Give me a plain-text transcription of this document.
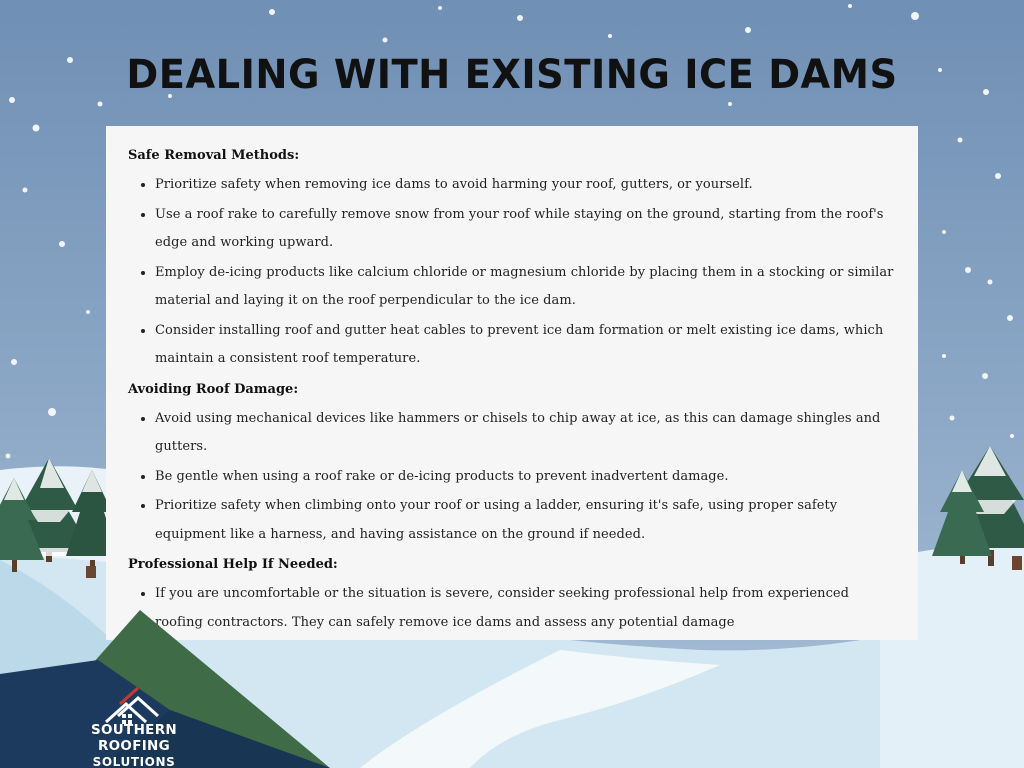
DEALING WITH EXISTING ICE DAMS
Safe Removal Methods:
• Prioritize safety when removing ice dams to avoid harming your roof, gutters, or yourself.
• Use a roof rake to carefully remove snow from your roof while staying on the ground, starting from the roof's edge and working upward.
• Employ de-icing products like calcium chloride or magnesium chloride by placing them in a stocking or similar material and laying it on the roof perpendicular to the ice dam.
• Consider installing roof and gutter heat cables to prevent ice dam formation or melt existing ice dams, which maintain a consistent roof temperature.
Avoiding Roof Damage:
• Avoid using mechanical devices like hammers or chisels to chip away at ice, as this can damage shingles and gutters.
• Be gentle when using a roof rake or de-icing products to prevent inadvertent damage.
• Prioritize safety when climbing onto your roof or using a ladder, ensuring it's safe, using proper safety equipment like a harness, and having assistance on the ground if needed.
Professional Help If Needed:
• If you are uncomfortable or the situation is severe, consider seeking professional help from experienced roofing contractors. They can safely remove ice dams and assess any potential damage
SOUTHERN ROOFING
SOLUTIONS
